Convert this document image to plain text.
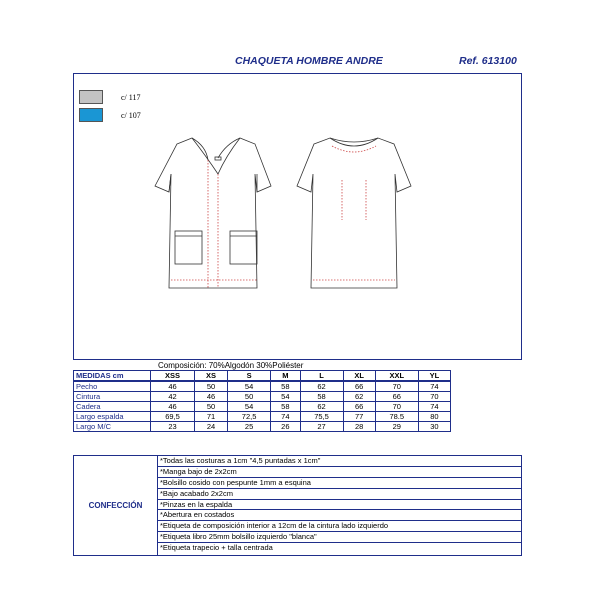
CHAQUETA HOMBRE ANDRE	Ref. 613100
c/ 117
c/ 107
Composición: 70%Algodón 30%Poliéster
MEDIDAS cm	XSS	XS	S	M	L	XL	XXL	YL
Pecho	46	50	54	58	62	66	70	74
Cintura	42	46	50	54	58	62	66	70
Cadera	46	50	54	58	62	66	70	74
Largo espalda	69,5	71	72,5	74	75,5	77	78.5	80
Largo M/C	23	24	25	26	27	28	29	30
CONFECCIÓN
*Todas las costuras a 1cm "4,5 puntadas x 1cm"
*Manga bajo de 2x2cm
*Bolsillo cosido con pespunte 1mm a esquina
*Bajo acabado 2x2cm
*Pinzas en la espalda
*Abertura en costados
*Etiqueta de composición interior a 12cm de la cintura lado izquierdo
*Etiqueta libro 25mm bolsillo izquierdo "blanca"
*Etiqueta trapecio + talla centrada
